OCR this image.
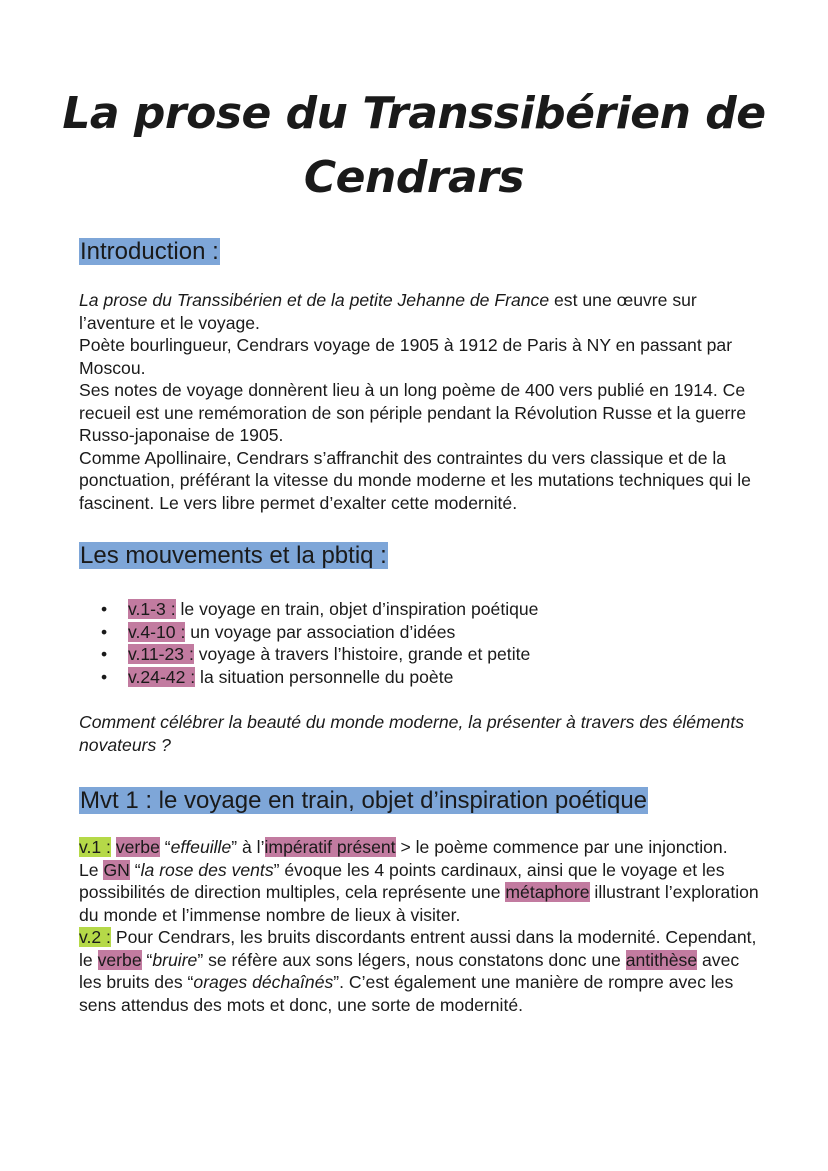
La prose du Transsibérien de
Cendrars
Introduction :

La prose du Transsibérien et de la petite Jehanne de France est une œuvre sur l’aventure et le voyage.

Poète bourlingueur, Cendrars voyage de 1905 à 1912 de Paris à NY en passant par Moscou.

Ses notes de voyage donnèrent lieu à un long poème de 400 vers publié en 1914. Ce recueil est une remémoration de son périple pendant la Révolution Russe et la guerre Russo-japonaise de 1905.

Comme Apollinaire, Cendrars s’affranchit des contraintes du vers classique et de la ponctuation, préférant la vitesse du monde moderne et les mutations techniques qui le fascinent. Le vers libre permet d’exalter cette modernité.

Les mouvements et la pbtiq :
• v.1-3 : le voyage en train, objet d’inspiration poétique
• v.4-10 : un voyage par association d’idées
• v.11-23 : voyage à travers l’histoire, grande et petite
• v.24-42 : la situation personnelle du poète

Comment célébrer la beauté du monde moderne, la présenter à travers des éléments novateurs ?

Mvt 1 : le voyage en train, objet d’inspiration poétique

v.1 : verbe “effeuille” à l’impératif présent > le poème commence par une injonction.

Le GN “la rose des vents” évoque les 4 points cardinaux, ainsi que le voyage et les possibilités de direction multiples, cela représente une métaphore illustrant l’exploration du monde et l’immense nombre de lieux à visiter.

v.2 : Pour Cendrars, les bruits discordants entrent aussi dans la modernité. Cependant, le verbe “bruire” se réfère aux sons légers, nous constatons donc une antithèse avec les bruits des “orages déchaînés”. C’est également une manière de rompre avec les sens attendus des mots et donc, une sorte de modernité.
